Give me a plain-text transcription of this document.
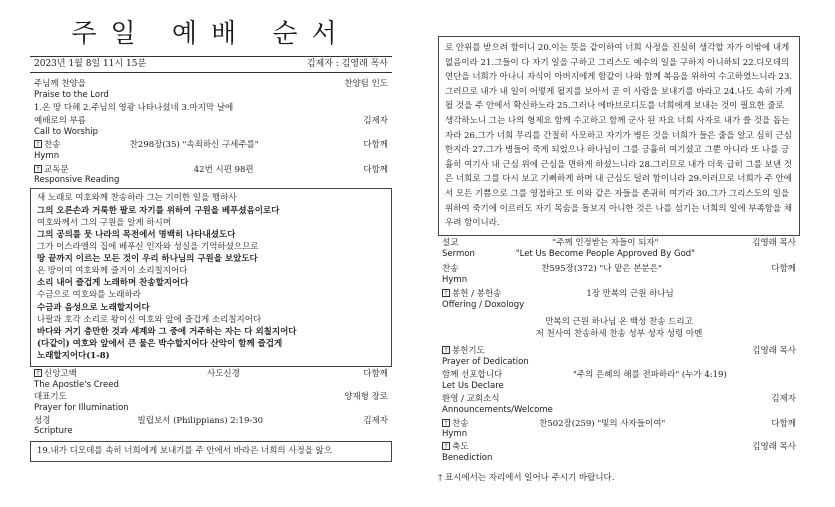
주일 예배 순서
2023년 1월 8일 11시 15분	김제자 : 김영래 목사
주님께 찬양을
Praise to the Lord
찬양팀 인도
1.온 땅 다해 2.주님의 영광 나타나셨네 3.마지막 날에
예배로의 부름
Call to Worship
김제자
† 찬송
Hymn
찬298장(35) "속죄하신 구세주를"	다함께
† 교독문
Responsive Reading
42번 시편 98편	다함께

새 노래로 여호와께 찬송하라 그는 기이한 일을 행하사

그의 오른손과 거룩한 팔로 자기를 위하여 구원을 베푸셨음이로다

여호와께서 그의 구원을 알게 하시며

그의 공의를 뭇 나라의 목전에서 명백히 나타내셨도다

그가 이스라엘의 집에 베푸신 인자와 성실을 기억하셨으므로

땅 끝까지 이르는 모든 것이 우리 하나님의 구원을 보았도다

온 땅이여 여호와께 즐거이 소리칠지어다

소리 내어 즐겁게 노래하며 찬송할지어다

수금으로 여호와를 노래하라

수금과 음성으로 노래할지어다

나팔과 호각 소리로 왕이신 여호와 앞에 즐겁게 소리칠지어다

바다와 거기 충만한 것과 세계와 그 중에 거주하는 자는 다 외칠지어다

(다같이) 여호와 앞에서 큰 물은 박수할지어다 산악이 함께 즐겁게

노래할지어다(1-8)

† 신앙고백
The Apostle's Creed
사도신경	다함께
대표기도
Prayer for Illumination
양재형 장로
성경
Scripture
빌립보서 (Philippians) 2:19-30	김제자
19.내가 디모데를 속히 너희에게 보내기를 주 안에서 바라은 너희의 사정을 앎으
로 안위를 받으려 함이니 20.이는 뜻을 같이하여 너희 사정을 진실히 생각할 자가 이밖에 내게 없음이라 21.그들이 다 자기 일을 구하고 그리스도 예수의 일을 구하지 아니하되 22.디모데의 연단을 너희가 아나니 자식이 아버지에게 함같이 나와 함께 복음을 위하여 수고하였느니라 23.그러므로 내가 내 일이 어떻게 될지를 보아서 곧 이 사람을 보내기를 바라고 24.나도 속히 가게 될 것을 주 안에서 확신하노라 25.그러나 에바브로디도를 너희에게 보내는 것이 필요한 줄로 생각하노니 그는 나의 형제요 함께 수고하고 함께 군사 된 자요 너희 사자로 내가 쓸 것을 돕는 자라 26.그가 너희 무리를 간절히 사모하고 자기가 병든 것을 너희가 들은 줄을 알고 심히 근심한지라 27.그가 병들어 죽게 되었으나 하나님이 그를 긍휼히 여기셨고 그뿐 아니라 또 나를 긍휼히 여기사 내 근심 위에 근심을 면하게 하셨느니라 28.그러므로 내가 더욱 급히 그를 보낸 것은 너희로 그를 다시 보고 기뻐하게 하며 내 근심도 덜려 함이니라 29.이러므로 너희가 주 안에서 모든 기쁨으로 그를 영접하고 또 이와 같은 자들을 존귀히 여기라 30.그가 그리스도의 일을 위하여 죽기에 이르러도 자기 목숨을 돌보지 아니한 것은 나를 섬기는 너희의 일에 부족함을 채우려 함이니라.
설교
Sermon
"주께 인정받는 자들이 되자"
"Let Us Become People Approved By God"
김영래 목사
찬송
Hymn
찬595장(372) "나 맡은 본분은"	다함께
† 봉헌 / 봉헌송
Offering / Doxology
1장 만복의 근원 하나님
만복의 근원 하나님 온 백성 찬송 드리고
저 천사여 찬송하세 찬송 성부 성자 성령 아멘
† 봉헌기도
Prayer of Dedication
김영래 목사
함께 선포합니다
Let Us Declare
"주의 은혜의 해를 전파하라" (누가 4:19)
환영 / 교회소식
Announcements/Welcome
김제자
† 찬송
Hymn
찬502장(259) "빛의 사자들이여"	다함께
† 축도
Benediction
김영래 목사
† 표시에서는 자리에서 일어나 주시기 바랍니다.
